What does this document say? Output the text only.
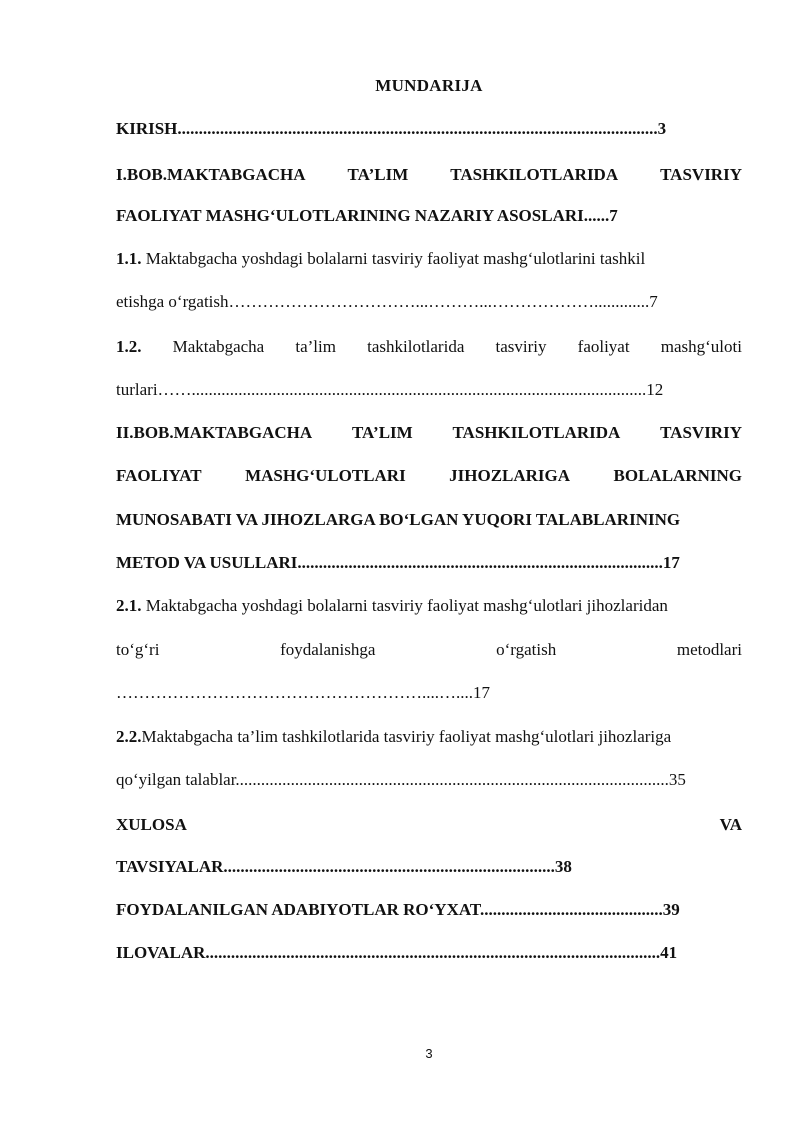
MUNDARIJA
KIRISH.................................................................................................................3
I.BOB.MAKTABGACHA TA’LIM TASHKILOTLARIDA TASVIRIY
FAOLIYAT MASHG‘ULOTLARINING NAZARIY ASOSLARI......7
1.1. Maktabgacha yoshdagi bolalarni tasviriy faoliyat mashg‘ulotlarini tashkil
etishga o‘rgatish……………………………...………...……………….............7
1.2. Maktabgacha ta’lim tashkilotlarida tasviriy faoliyat mashg‘uloti
turlari……...........................................................................................................12
II.BOB.MAKTABGACHA TA’LIM TASHKILOTLARIDA TASVIRIY
FAOLIYAT	MASHG‘ULOTLARI	JIHOZLARIGA	BOLALARNING
MUNOSABATI VA JIHOZLARGA BO‘LGAN YUQORI TALABLARINING
METOD VA USULLARI......................................................................................17
2.1. Maktabgacha yoshdagi bolalarni tasviriy faoliyat mashg‘ulotlari jihozlaridan
to‘g‘ri	foydalanishga	o‘rgatish	metodlari
………………………………………………....…....17
2.2.Maktabgacha ta’lim tashkilotlarida tasviriy faoliyat mashg‘ulotlari jihozlariga
qo‘yilgan talablar......................................................................................................35
XULOSA	VA
TAVSIYALAR..............................................................................38
FOYDALANILGAN ADABIYOTLAR RO‘YXAT...........................................39
ILOVALAR...........................................................................................................41
3
